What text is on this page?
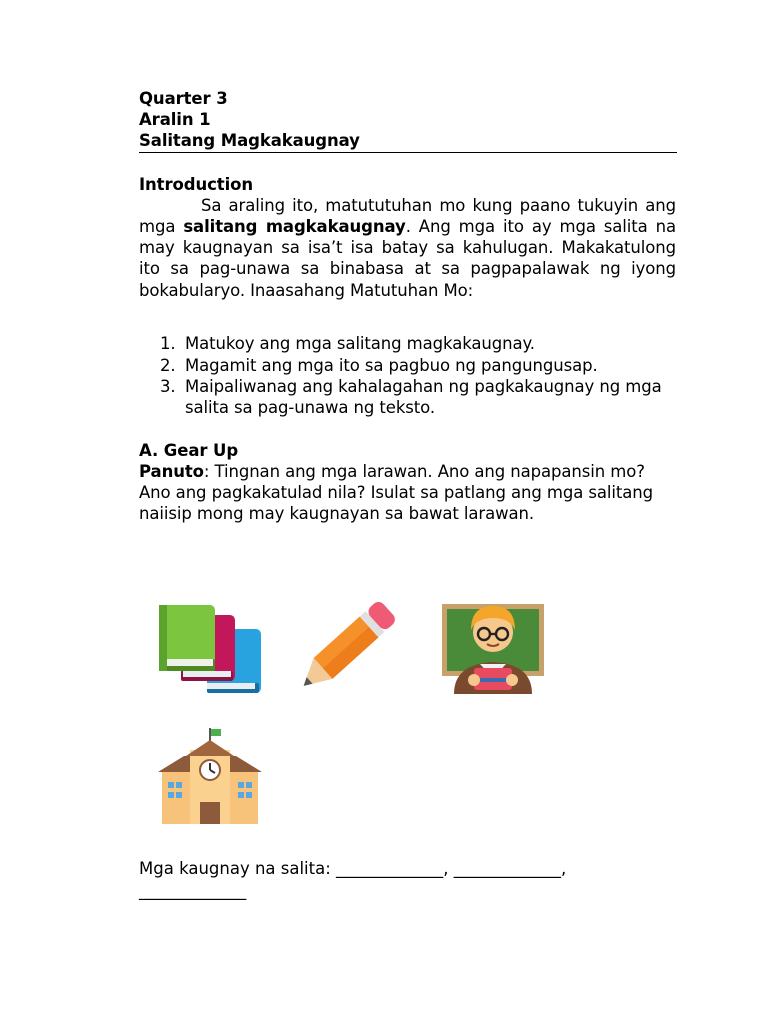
Quarter 3
Aralin 1
Salitang Magkakaugnay
Introduction

Sa araling ito, matututuhan mo kung paano tukuyin ang mga salitang magkakaugnay. Ang mga ito ay mga salita na may kaugnayan sa isa’t isa batay sa kahulugan. Makakatulong ito sa pag-unawa sa binabasa at sa pagpapalawak ng iyong bokabularyo. Inaasahang Matutuhan Mo:

1. Matukoy ang mga salitang magkakaugnay.
2. Magamit ang mga ito sa pagbuo ng pangungusap.
3. Maipaliwanag ang kahalagahan ng pagkakaugnay ng mga salita sa pag-unawa ng teksto.
A. Gear Up

Panuto: Tingnan ang mga larawan. Ano ang napapansin mo? Ano ang pagkakatulad nila? Isulat sa patlang ang mga salitang naiisip mong may kaugnayan sa bawat larawan.

Mga kaugnay na salita: _____________, _____________,
_____________
